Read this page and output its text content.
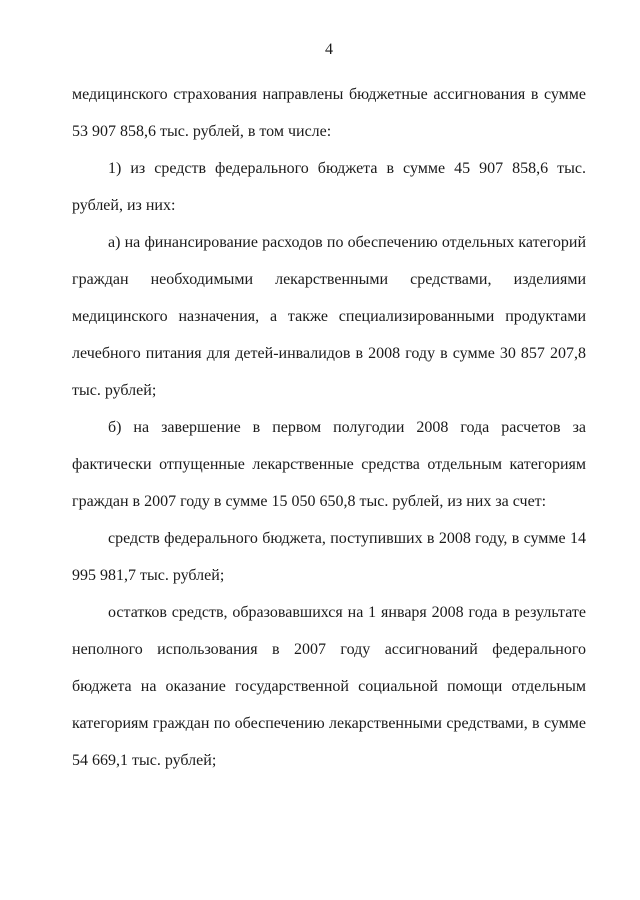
4

медицинского страхования направлены бюджетные ассигнования в сумме 53 907 858,6 тыс. рублей, в том числе:

1) из средств федерального бюджета в сумме 45 907 858,6 тыс. рублей, из них:

а) на финансирование расходов по обеспечению отдельных категорий граждан необходимыми лекарственными средствами, изделиями медицинского назначения, а также специализированными продуктами лечебного питания для детей-инвалидов в 2008 году в сумме 30 857 207,8 тыс. рублей;

б) на завершение в первом полугодии 2008 года расчетов за фактически отпущенные лекарственные средства отдельным категориям граждан в 2007 году в сумме 15 050 650,8 тыс. рублей, из них за счет:

средств федерального бюджета, поступивших в 2008 году, в сумме 14 995 981,7 тыс. рублей;

остатков средств, образовавшихся на 1 января 2008 года в результате неполного использования в 2007 году ассигнований федерального бюджета на оказание государственной социальной помощи отдельным категориям граждан по обеспечению лекарственными средствами, в сумме 54 669,1 тыс. рублей;
